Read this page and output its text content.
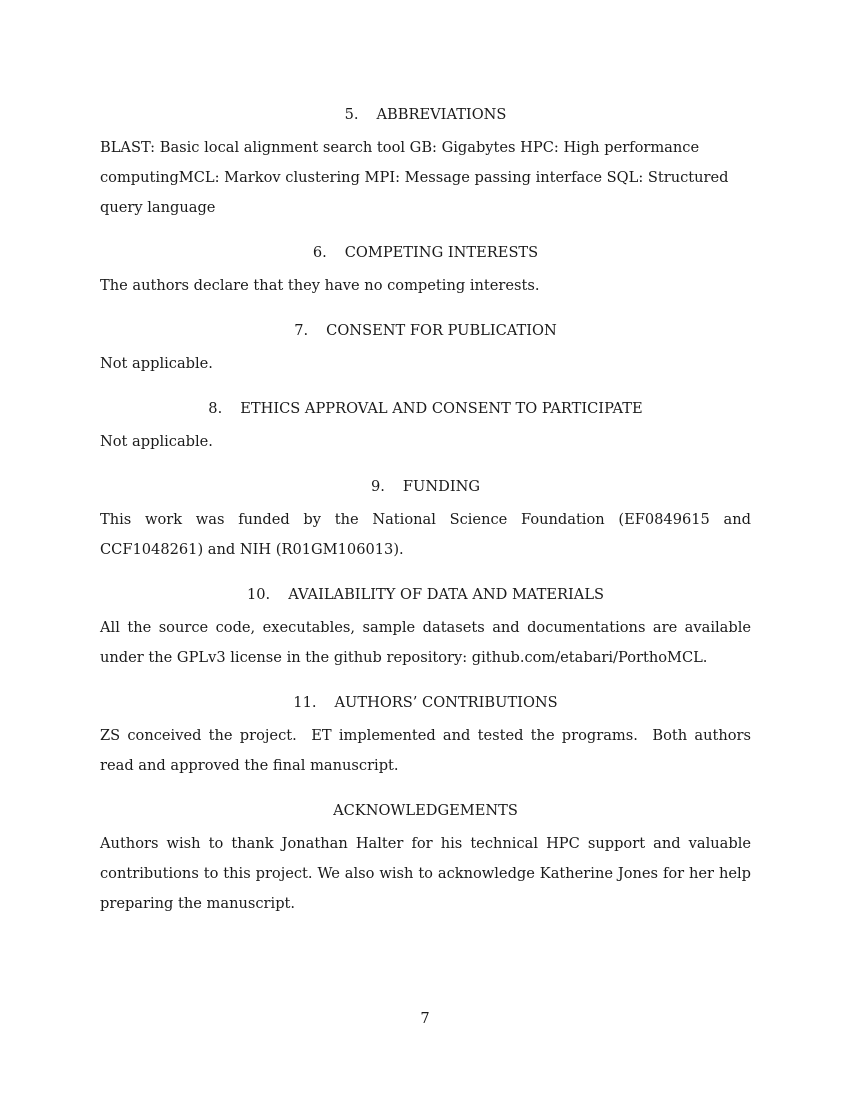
5. ABBREVIATIONS

BLAST: Basic local alignment search tool GB: Gigabytes HPC: High performance computingMCL: Markov clustering MPI: Message passing interface SQL: Structured query language

6. COMPETING INTERESTS

The authors declare that they have no competing interests.

7. CONSENT FOR PUBLICATION

Not applicable.

8. ETHICS APPROVAL AND CONSENT TO PARTICIPATE

Not applicable.

9. FUNDING

This work was funded by the National Science Foundation (EF0849615 and CCF1048261) and NIH (R01GM106013).

10. AVAILABILITY OF DATA AND MATERIALS

All the source code, executables, sample datasets and documentations are available under the GPLv3 license in the github repository: github.com/etabari/PorthoMCL.

11. AUTHORS’ CONTRIBUTIONS

ZS conceived the project.  ET implemented and tested the programs.  Both authors read and approved the final manuscript.

ACKNOWLEDGEMENTS

Authors wish to thank Jonathan Halter for his technical HPC support and valuable contributions to this project. We also wish to acknowledge Katherine Jones for her help preparing the manuscript.

7
